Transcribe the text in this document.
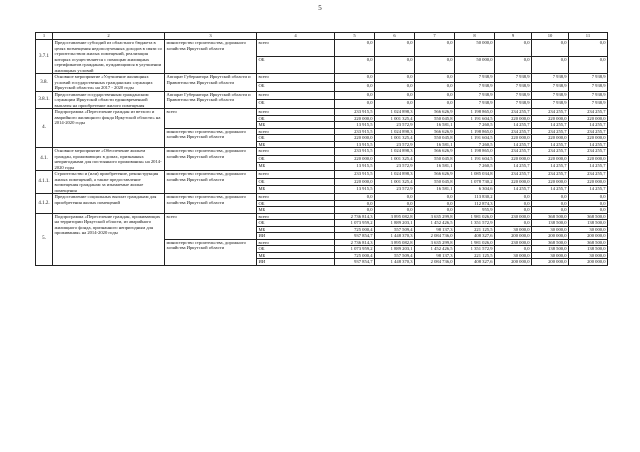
5
1	2	3	4	5	6	7	8	9	10	11
3.7.1	Предоставление субсидий из областного бюджета в целях возмещения недополученных доходов в связи со строительством жилых помещений, реализация которых осуществляется с помощью жилищных сертификатов гражданам, пуждающимся в улучшении жилищных условий	министерство строительства, дорожного хозяйства Иркутской области	всего	0,0	0,0	0,0	50 000,0	0,0	0,0	0,0
			ОБ	0,0	0,0	0,0	50 000,0	0,0	0,0	0,0
3.8.	Основное мероприятие «Улучшение жилищных условий государственных гражданских служащих Иркутской области» на 2017 - 2020 годы	Аппарат Губернатора Иркутской области и Правительства Иркутской области	всего	0,0	0,0	0,0	7 938,9	7 938,9	7 938,9	7 938,9
			ОБ	0,0	0,0	0,0	7 938,9	7 938,9	7 938,9	7 938,9
3.8.1.	Предоставление государственным гражданским служащим Иркутской области единовременной выплаты на приобретение жилого помещения	Аппарат Губернатора Иркутской области и Правительства Иркутской области	всего	0,0	0,0	0,0	7 938,9	7 938,9	7 938,9	7 938,9
			ОБ	0,0	0,0	0,0	7 938,9	7 938,9	7 938,9	7 938,9
4.	Подпрограмма «Переселение граждан из ветхого и аварийного жилищного фонда Иркутской области» на 2014-2020 годы	всего	всего	233 915,5	1 024 898,3	566 626,9	1 198 865,0	234 255,7	234 255,7	234 255,7
			ОБ	220 000,0	1 001 325,4	550 045,8	1 191 604,5	220 000,0	220 000,0	220 000,0
			МБ	13 915,5	23 572,9	16 581,1	7 260,5	14 255,7	14 255,7	14 255,7
		министерство строительства, дорожного хозяйства Иркутской области	всего	233 915,5	1 024 898,3	566 626,9	1 198 865,0	234 255,7	234 255,7	234 255,7
			ОБ	220 000,0	1 001 325,4	550 045,8	1 191 604,5	220 000,0	220 000,0	220 000,0
			МБ	13 915,5	23 572,9	16 581,1	7 260,5	14 255,7	14 255,7	14 255,7
4.1.	Основное мероприятие «Обеспечение жильем граждан, проживающих в домах, признанных непригодными для постоянного проживания» на 2014-2020 годы	министерство строительства, дорожного хозяйства Иркутской области	всего	233 915,5	1 024 898,3	566 626,9	1 198 865,0	234 255,7	234 255,7	234 255,7
			ОБ	220 000,0	1 001 325,4	550 045,8	1 191 604,5	220 000,0	220 000,0	220 000,0
			МБ	13 915,5	23 572,9	16 581,1	7 260,5	14 255,7	14 255,7	14 255,7
4.1.1.	Строительство и (или) приобретение, реконструкция жилых помещений, а также предоставление возмещения гражданам за изымаемые жилые помещения	министерство строительства, дорожного хозяйства Иркутской области	всего	233 915,5	1 024 898,3	566 626,9	1 085 034,8	234 255,7	234 255,7	234 255,7
			ОБ	220 000,0	1 001 325,4	550 045,8	1 078 730,2	220 000,0	220 000,0	220 000,0
			МБ	13 915,5	23 572,9	16 581,1	6 304,6	14 255,7	14 255,7	14 255,7
4.1.2.	Предоставление социальных выплат гражданам для приобретения жилых помещений	министерство строительства, дорожного хозяйства Иркутской области	всего	0,0	0,0	0,0	113 830,2	0,0	0,0	0,0
			ОБ	0,0	0,0	0,0	112 874,3	0,0	0,0	0,0
			МБ	0,0	0,0	0,0	955,9	0,0	0,0	0,0
5.	Подпрограмма «Переселение граждан, проживающих на территории Иркутской области, из аварийного жилищного фонда, признанного непригодным для проживания» на 2014-2020 годы	всего	всего	2 736 814,3	3 895 082,8	3 635 299,8	1 981 026,0	230 000,0	368 500,0	368 500,0
			ОБ	1 073 959,2	1 889 203,1	1 452 426,5	1 351 572,9	0,0	138 500,0	138 500,0
			МБ	725 000,4	557 509,4	98 137,3	221 125,5	30 000,0	30 000,0	30 000,0
			ИИ	937 854,7	1 448 370,3	2 084 736,0	408 327,6	200 000,0	200 000,0	200 000,0
		министерство строительства, дорожного хозяйства Иркутской области	всего	2 736 814,3	3 895 082,8	3 635 299,8	1 981 026,0	230 000,0	368 500,0	368 500,0
			ОБ	1 073 959,2	1 889 203,1	1 452 426,5	1 351 572,9	0,0	138 500,0	138 500,0
			МБ	725 000,4	557 509,4	98 137,3	221 125,5	30 000,0	30 000,0	30 000,0
			ИИ	937 854,7	1 448 370,3	2 084 736,0	408 327,6	200 000,0	200 000,0	200 000,0
